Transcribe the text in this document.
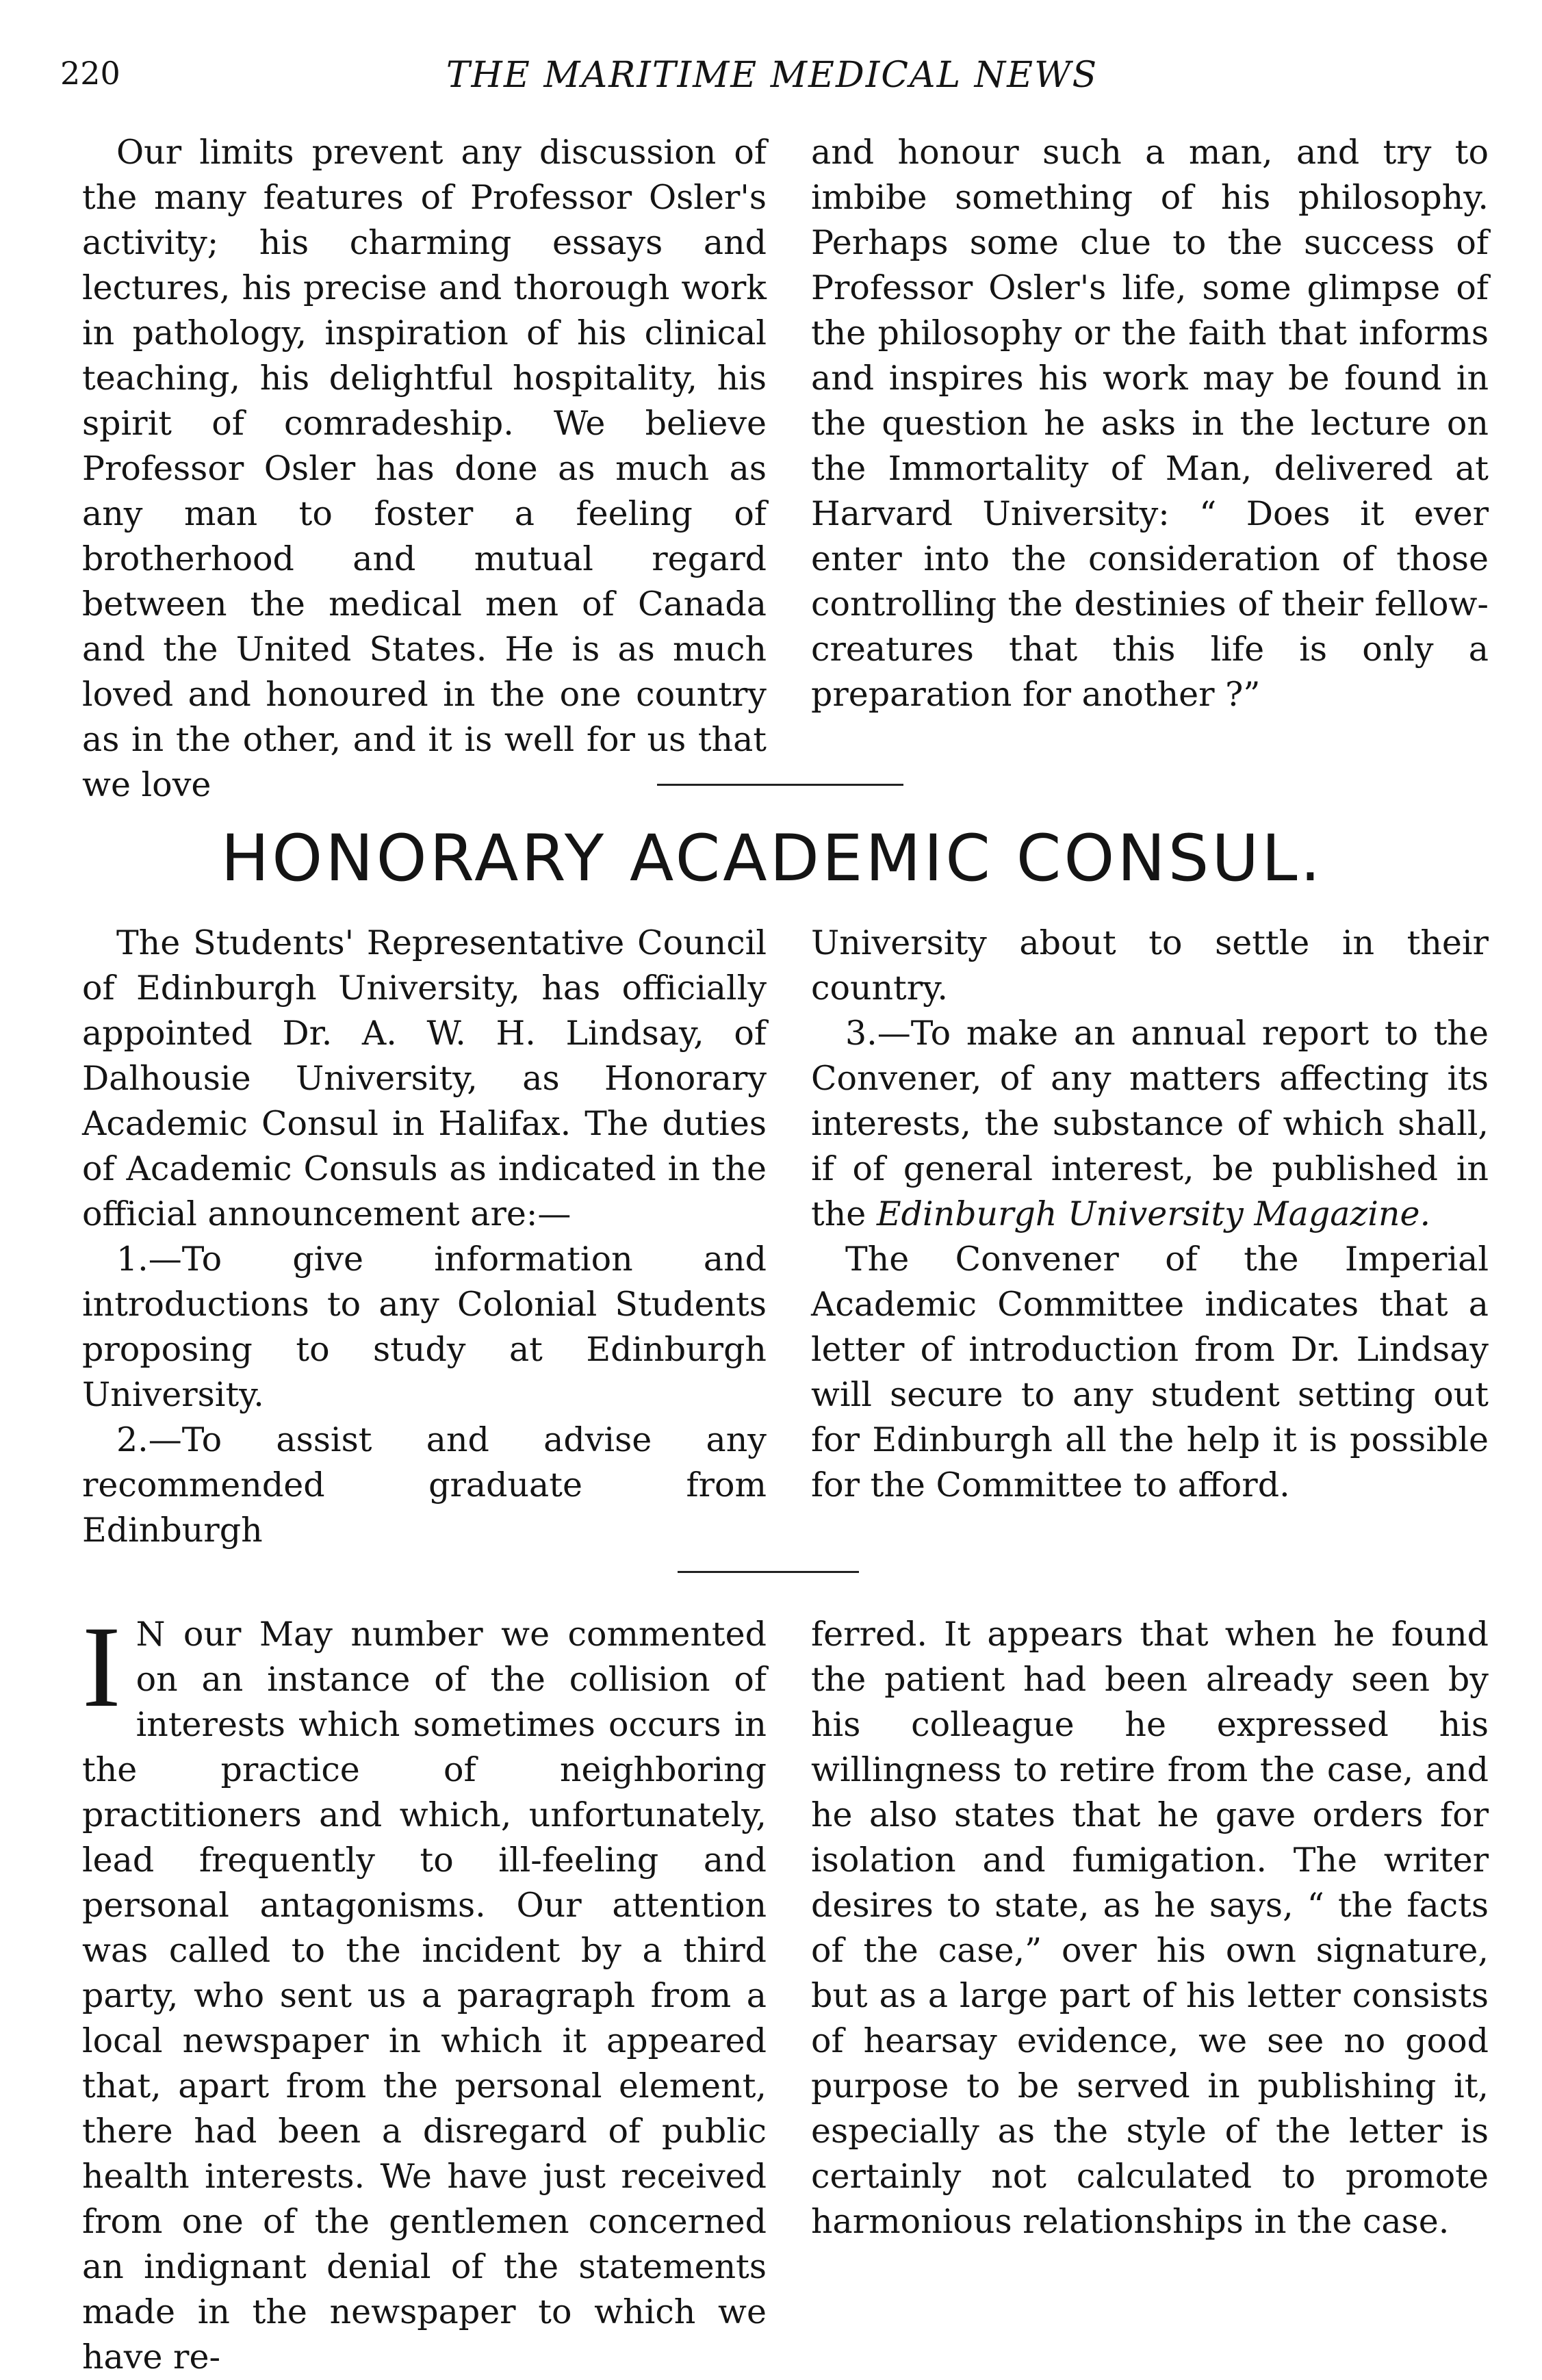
220	THE MARITIME MEDICAL NEWS

Our limits prevent any discussion of the many features of Professor Osler's activity; his charming essays and lectures, his precise and thorough work in pathology, inspiration of his clinical teaching, his delightful hospitality, his spirit of comradeship. We believe Professor Osler has done as much as any man to foster a feeling of brotherhood and mutual regard between the medical men of Canada and the United States. He is as much loved and honoured in the one country as in the other, and it is well for us that we love

and honour such a man, and try to imbibe something of his philosophy. Perhaps some clue to the success of Professor Osler's life, some glimpse of the philosophy or the faith that informs and inspires his work may be found in the question he asks in the lecture on the Immortality of Man, delivered at Harvard University: “ Does it ever enter into the consideration of those controlling the destinies of their fellow-creatures that this life is only a preparation for another ?”

HONORARY ACADEMIC CONSUL.

The Students' Representative Council of Edinburgh University, has officially appointed Dr. A. W. H. Lindsay, of Dalhousie University, as Honorary Academic Consul in Halifax. The duties of Academic Consuls as indicated in the official announcement are:—

1.—To give information and introductions to any Colonial Students proposing to study at Edinburgh University.

2.—To assist and advise any recommended graduate from Edinburgh

University about to settle in their country.

3.—To make an annual report to the Convener, of any matters affecting its interests, the substance of which shall, if of general interest, be published in the Edinburgh University Magazine.

The Convener of the Imperial Academic Committee indicates that a letter of introduction from Dr. Lindsay will secure to any student setting out for Edinburgh all the help it is possible for the Committee to afford.

I N our May number we commented on an instance of the collision of interests which sometimes occurs in the practice of neighboring practitioners and which, unfortunately, lead frequently to ill-feeling and personal antagonisms. Our attention was called to the incident by a third party, who sent us a paragraph from a local newspaper in which it appeared that, apart from the personal element, there had been a disregard of public health interests. We have just received from one of the gentlemen concerned an indignant denial of the statements made in the newspaper to which we have re-

ferred. It appears that when he found the patient had been already seen by his colleague he expressed his willingness to retire from the case, and he also states that he gave orders for isolation and fumigation. The writer desires to state, as he says, “ the facts of the case,” over his own signature, but as a large part of his letter consists of hearsay evidence, we see no good purpose to be served in publishing it, especially as the style of the letter is certainly not calculated to promote harmonious relationships in the case.
